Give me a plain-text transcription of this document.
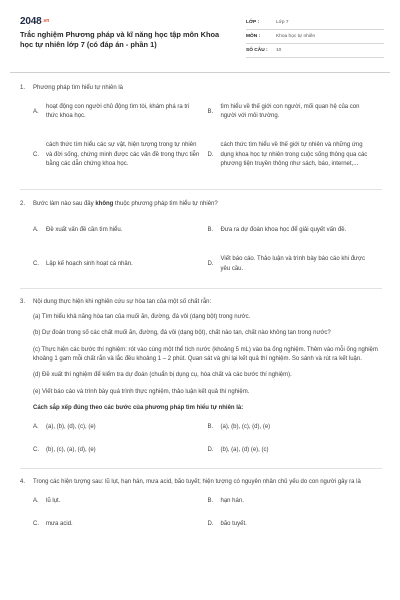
2048.vn
Trắc nghiệm Phương pháp và kĩ năng học tập môn Khoa học tự nhiên lớp 7 (có đáp án - phần 1)
LỚP :	Lớp 7
MÔN :	Khoa học tự nhiên
SỐ CÂU :	10
1.	Phương pháp tìm hiểu tự nhiên là
A.
hoạt động con người chủ động tìm tòi, khám phá ra tri thức khoa học.
B.
tìm hiểu về thế giới con người, mối quan hệ của con người với môi trường.
C.
cách thức tìm hiểu các sự vật, hiện tượng trong tự nhiên và đời sống, chứng minh được các vấn đề trong thực tiễn bằng các dẫn chứng khoa học.
D.
cách thức tìm hiểu về thế giới tự nhiên và những ứng dụng khoa học tự nhiên trong cuộc sống thông qua các phương tiện truyền thông như sách, báo, internet,...
2.	Bước làm nào sau đây không thuộc phương pháp tìm hiểu tự nhiên?
A.	Đề xuất vấn đề cần tìm hiểu.	B.	Đưa ra dự đoán khoa học để giải quyết vấn đề.
C.	Lập kế hoạch sinh hoạt cá nhân.	D.
Viết báo cáo. Thảo luận và trình bày báo cáo khi được yêu cầu.
3.	Nội dung thực hiện khi nghiên cứu sự hòa tan của một số chất rắn:
(a) Tìm hiểu khả năng hòa tan của muối ăn, đường, đá vôi (dạng bột) trong nước.
(b) Dự đoán trong số các chất muối ăn, đường, đá vôi (dạng bột), chất nào tan, chất nào không tan trong nước?
(c) Thực hiện các bước thí nghiệm: rót vào cùng một thể tích nước (khoảng 5 mL) vào ba ống nghiệm. Thêm vào mỗi ống nghiệm khoảng 1 gam mỗi chất rắn và lắc đều khoảng 1 – 2 phút. Quan sát và ghi lại kết quả thí nghiệm. So sánh và rút ra kết luận.
(d) Đề xuất thí nghiệm để kiểm tra dự đoán (chuẩn bị dụng cụ, hóa chất và các bước thí nghiệm).
(e) Viết báo cáo và trình bày quá trình thực nghiệm, thảo luận kết quả thí nghiệm.
Cách sắp xếp đúng theo các bước của phương pháp tìm hiểu tự nhiên là:
A.	(a), (b), (d), (c), (e)	B.	(a), (b), (c), (d), (e)
C.	(b), (c), (a), (d), (e)	D.	(b), (a), (d) (e), (c)
4.	Trong các hiện tượng sau: lũ lụt, hạn hán, mưa acid, bão tuyết; hiện tượng có nguyên nhân chủ yếu do con người gây ra là
A.	lũ lụt.	B.	hạn hán.
C.	mưa acid.	D.	bão tuyết.
